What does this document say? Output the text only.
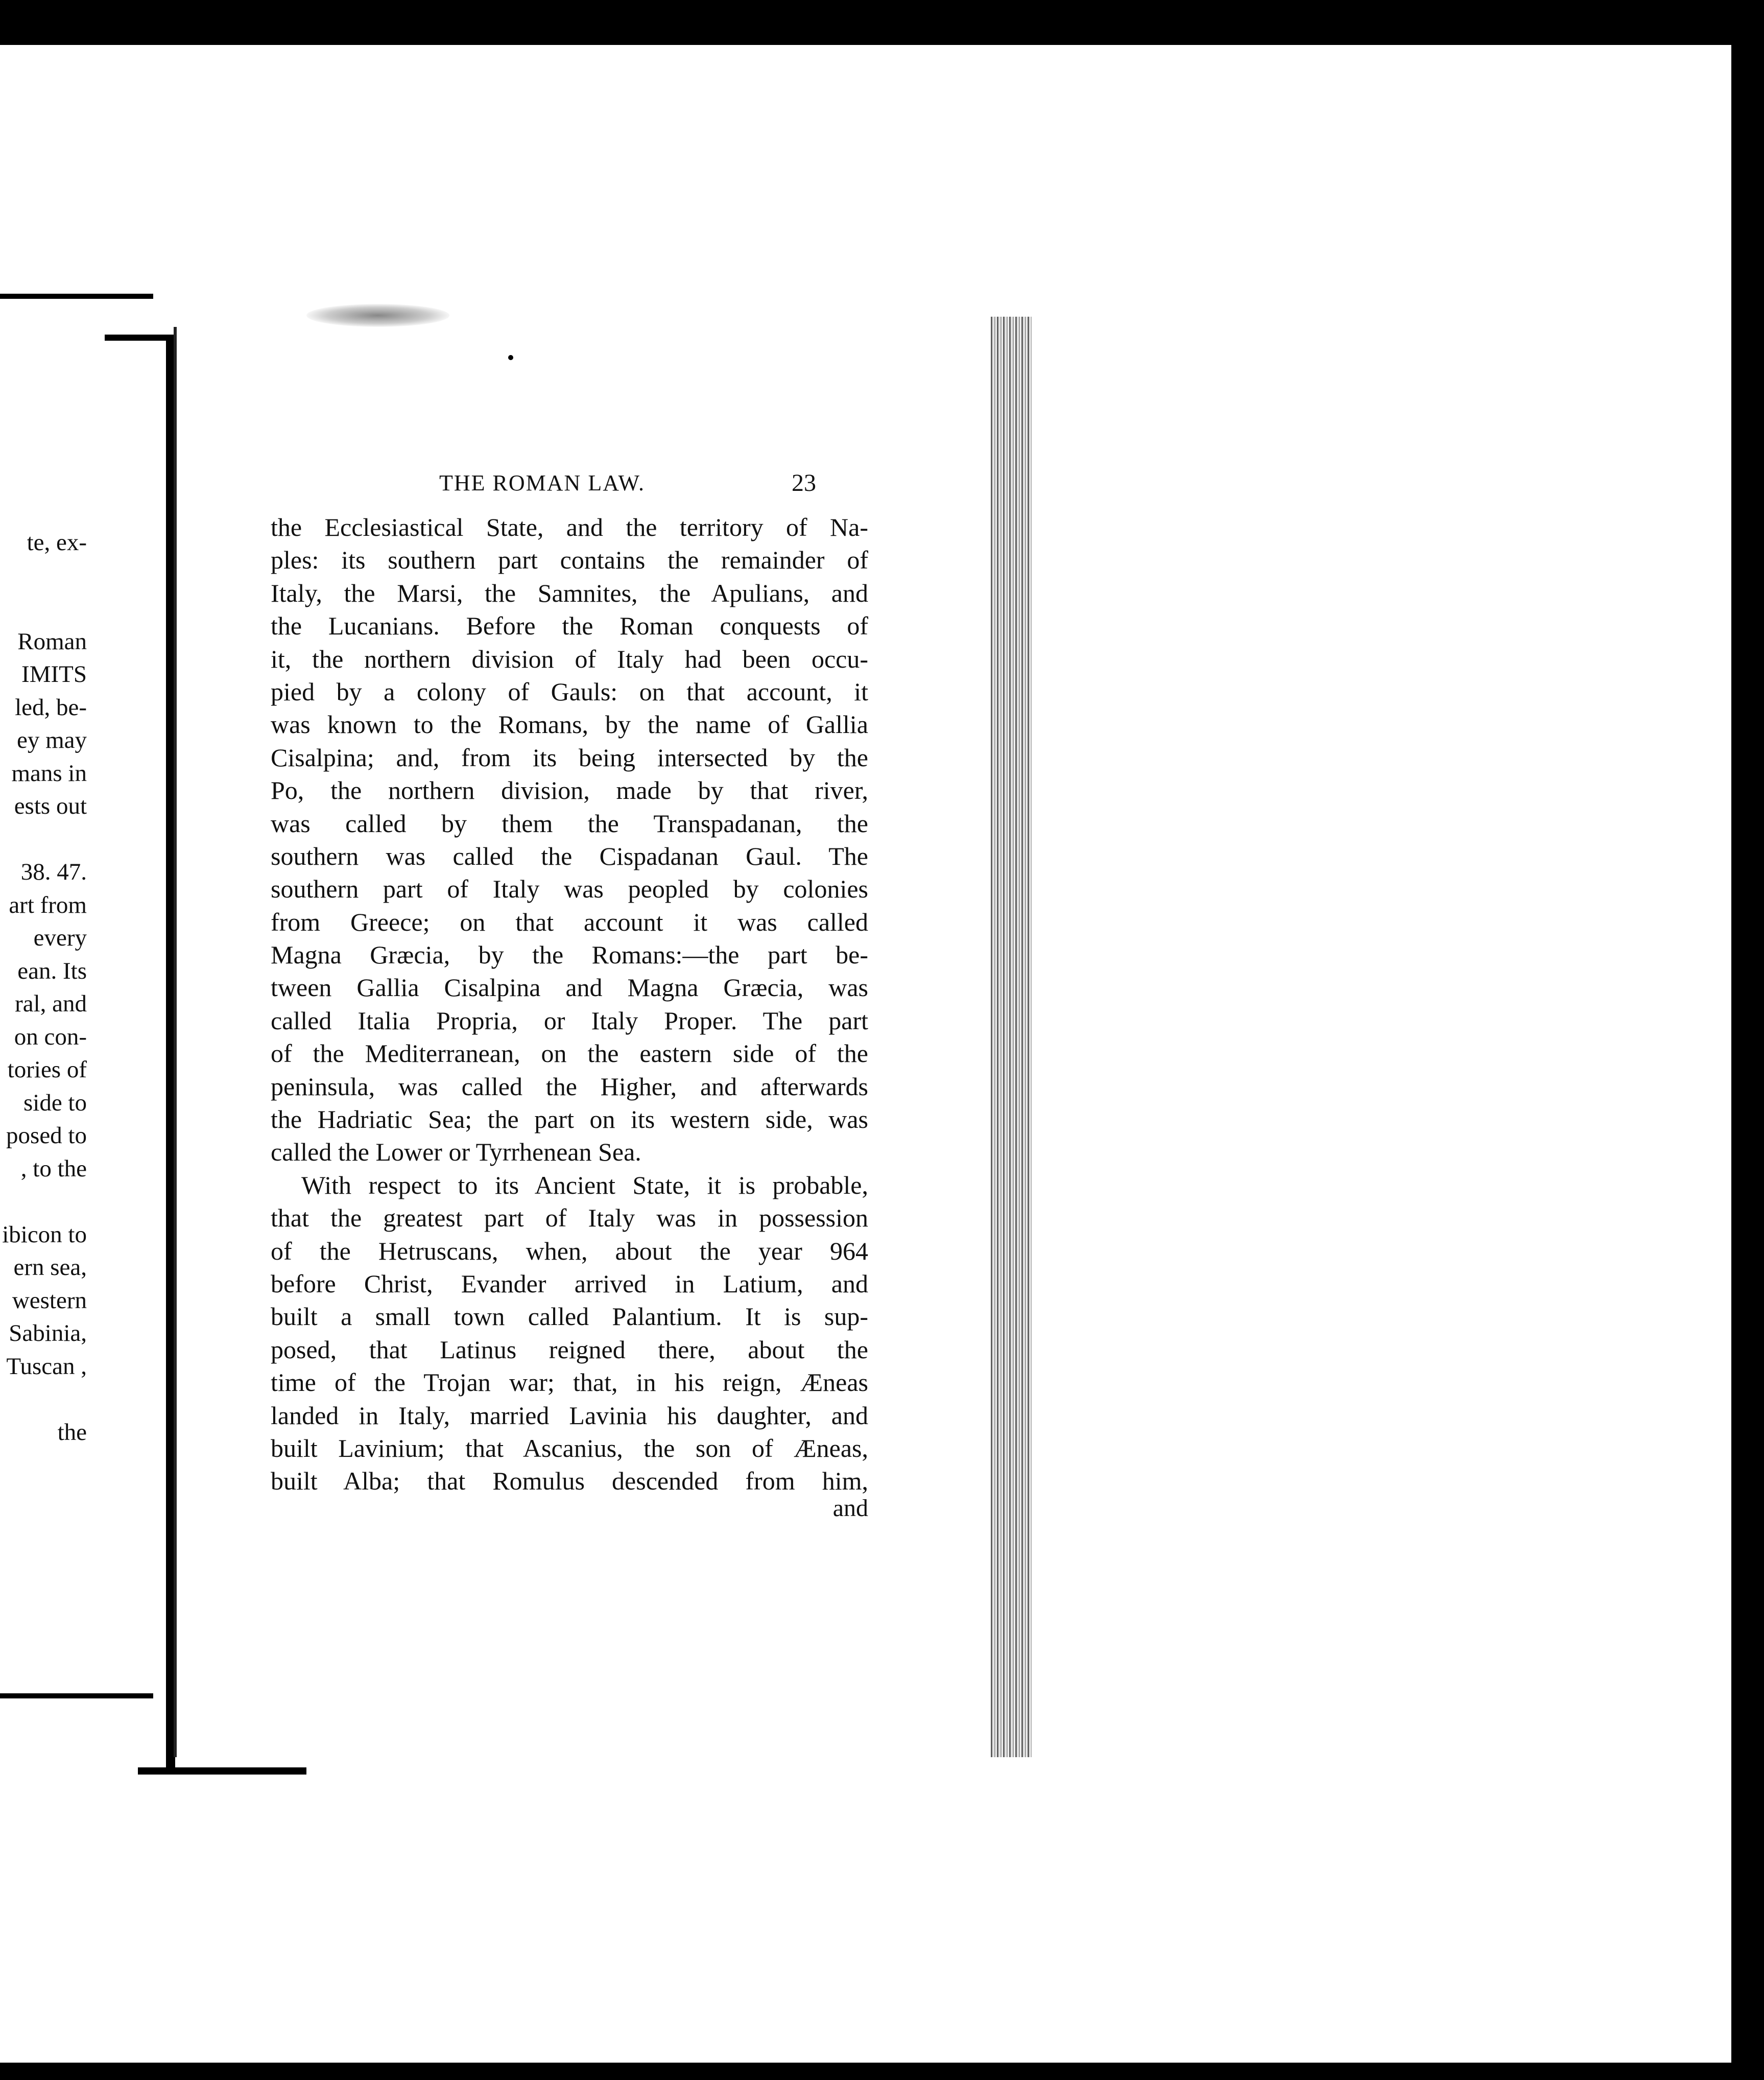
te, ex-
Roman
IMITS
led, be-
ey may
mans in
ests out
38. 47.
art from
every
ean. Its
ral, and
on con-
tories of
side to
posed to
, to the
ibicon to
ern sea,
western
Sabinia,
Tuscan ,
the
THE ROMAN LAW.	23
the Ecclesiastical State, and the territory of Na-
ples: its southern part contains the remainder of
Italy, the Marsi, the Samnites, the Apulians, and
the Lucanians. Before the Roman conquests of
it, the northern division of Italy had been occu-
pied by a colony of Gauls: on that account, it
was known to the Romans, by the name of Gallia
Cisalpina; and, from its being intersected by the
Po, the northern division, made by that river,
was called by them the Transpadanan, the
southern was called the Cispadanan Gaul. The
southern part of Italy was peopled by colonies
from Greece; on that account it was called
Magna Græcia, by the Romans:—the part be-
tween Gallia Cisalpina and Magna Græcia, was
called Italia Propria, or Italy Proper. The part
of the Mediterranean, on the eastern side of the
peninsula, was called the Higher, and afterwards
the Hadriatic Sea; the part on its western side, was
called the Lower or Tyrrhenean Sea.
With respect to its Ancient State, it is probable,
that the greatest part of Italy was in possession
of the Hetruscans, when, about the year 964
before Christ, Evander arrived in Latium, and
built a small town called Palantium. It is sup-
posed, that Latinus reigned there, about the
time of the Trojan war; that, in his reign, Æneas
landed in Italy, married Lavinia his daughter, and
built Lavinium; that Ascanius, the son of Æneas,
built Alba; that Romulus descended from him,
and
